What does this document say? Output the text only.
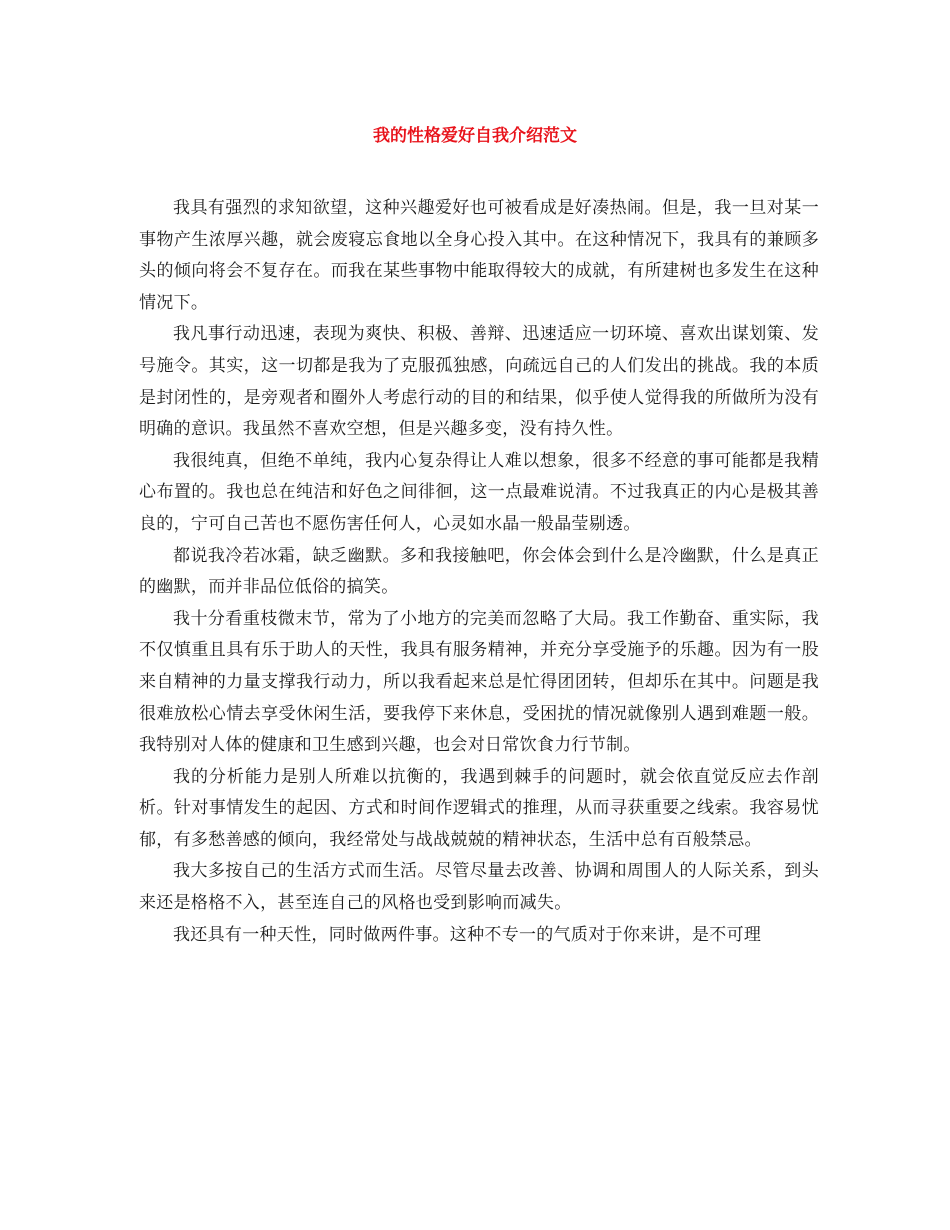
我的性格爱好自我介绍范文

我具有强烈的求知欲望，这种兴趣爱好也可被看成是好凑热闹。但是，我一旦对某一事物产生浓厚兴趣，就会废寝忘食地以全身心投入其中。在这种情况下，我具有的兼顾多头的倾向将会不复存在。而我在某些事物中能取得较大的成就，有所建树也多发生在这种情况下。

我凡事行动迅速，表现为爽快、积极、善辩、迅速适应一切环境、喜欢出谋划策、发号施令。其实，这一切都是我为了克服孤独感，向疏远自己的人们发出的挑战。我的本质是封闭性的，是旁观者和圈外人考虑行动的目的和结果，似乎使人觉得我的所做所为没有明确的意识。我虽然不喜欢空想，但是兴趣多变，没有持久性。

我很纯真，但绝不单纯，我内心复杂得让人难以想象，很多不经意的事可能都是我精心布置的。我也总在纯洁和好色之间徘徊，这一点最难说清。不过我真正的内心是极其善良的，宁可自己苦也不愿伤害任何人，心灵如水晶一般晶莹剔透。

都说我冷若冰霜，缺乏幽默。多和我接触吧，你会体会到什么是冷幽默，什么是真正的幽默，而并非品位低俗的搞笑。

我十分看重枝微末节，常为了小地方的完美而忽略了大局。我工作勤奋、重实际，我不仅慎重且具有乐于助人的天性，我具有服务精神，并充分享受施予的乐趣。因为有一股来自精神的力量支撑我行动力，所以我看起来总是忙得团团转，但却乐在其中。问题是我很难放松心情去享受休闲生活，要我停下来休息，受困扰的情况就像别人遇到难题一般。我特别对人体的健康和卫生感到兴趣，也会对日常饮食力行节制。

我的分析能力是别人所难以抗衡的，我遇到棘手的问题时，就会依直觉反应去作剖析。针对事情发生的起因、方式和时间作逻辑式的推理，从而寻获重要之线索。我容易忧郁，有多愁善感的倾向，我经常处与战战兢兢的精神状态，生活中总有百般禁忌。

我大多按自己的生活方式而生活。尽管尽量去改善、协调和周围人的人际关系，到头来还是格格不入，甚至连自己的风格也受到影响而减失。

我还具有一种天性，同时做两件事。这种不专一的气质对于你来讲，是不可理
